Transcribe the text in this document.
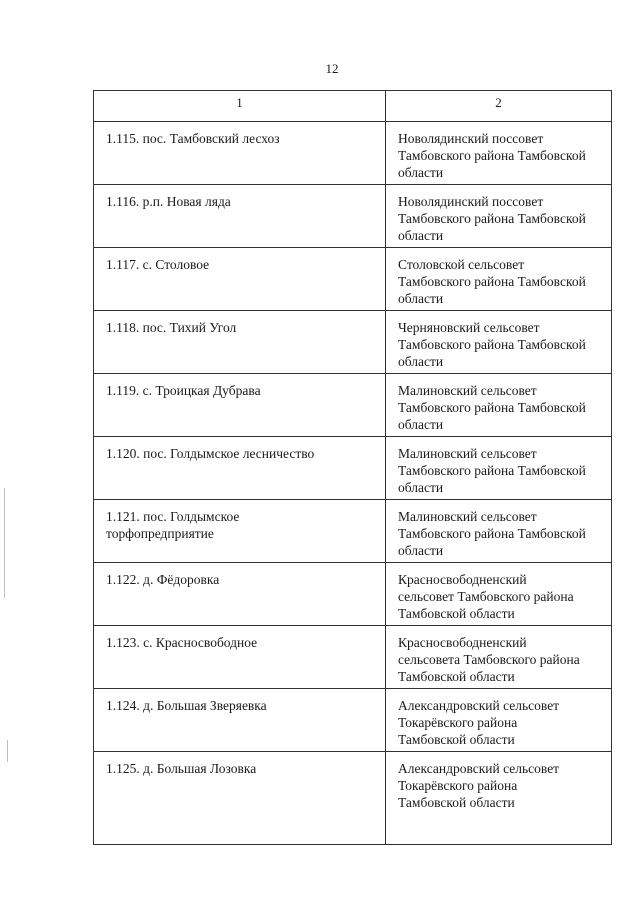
12
1	2
1.115. пос. Тамбовский лесхоз	Новолядинский поссовет
Тамбовского района Тамбовской
области
1.116. р.п. Новая ляда	Новолядинский поссовет
Тамбовского района Тамбовской
области
1.117. с. Столовое	Столовской сельсовет
Тамбовского района Тамбовской
области
1.118. пос. Тихий Угол	Черняновский сельсовет
Тамбовского района Тамбовской
области
1.119. с. Троицкая Дубрава	Малиновский сельсовет
Тамбовского района Тамбовской
области
1.120. пос. Голдымское лесничество	Малиновский сельсовет
Тамбовского района Тамбовской
области
1.121. пос. Голдымское
торфопредприятие	Малиновский сельсовет
Тамбовского района Тамбовской
области
1.122. д. Фёдоровка	Красносвободненский
сельсовет Тамбовского района
Тамбовской области
1.123. с. Красносвободное	Красносвободненский
сельсовета Тамбовского района
Тамбовской области
1.124. д. Большая Зверяевка	Александровский сельсовет
Токарёвского района
Тамбовской области
1.125. д. Большая Лозовка	Александровский сельсовет
Токарёвского района
Тамбовской области
